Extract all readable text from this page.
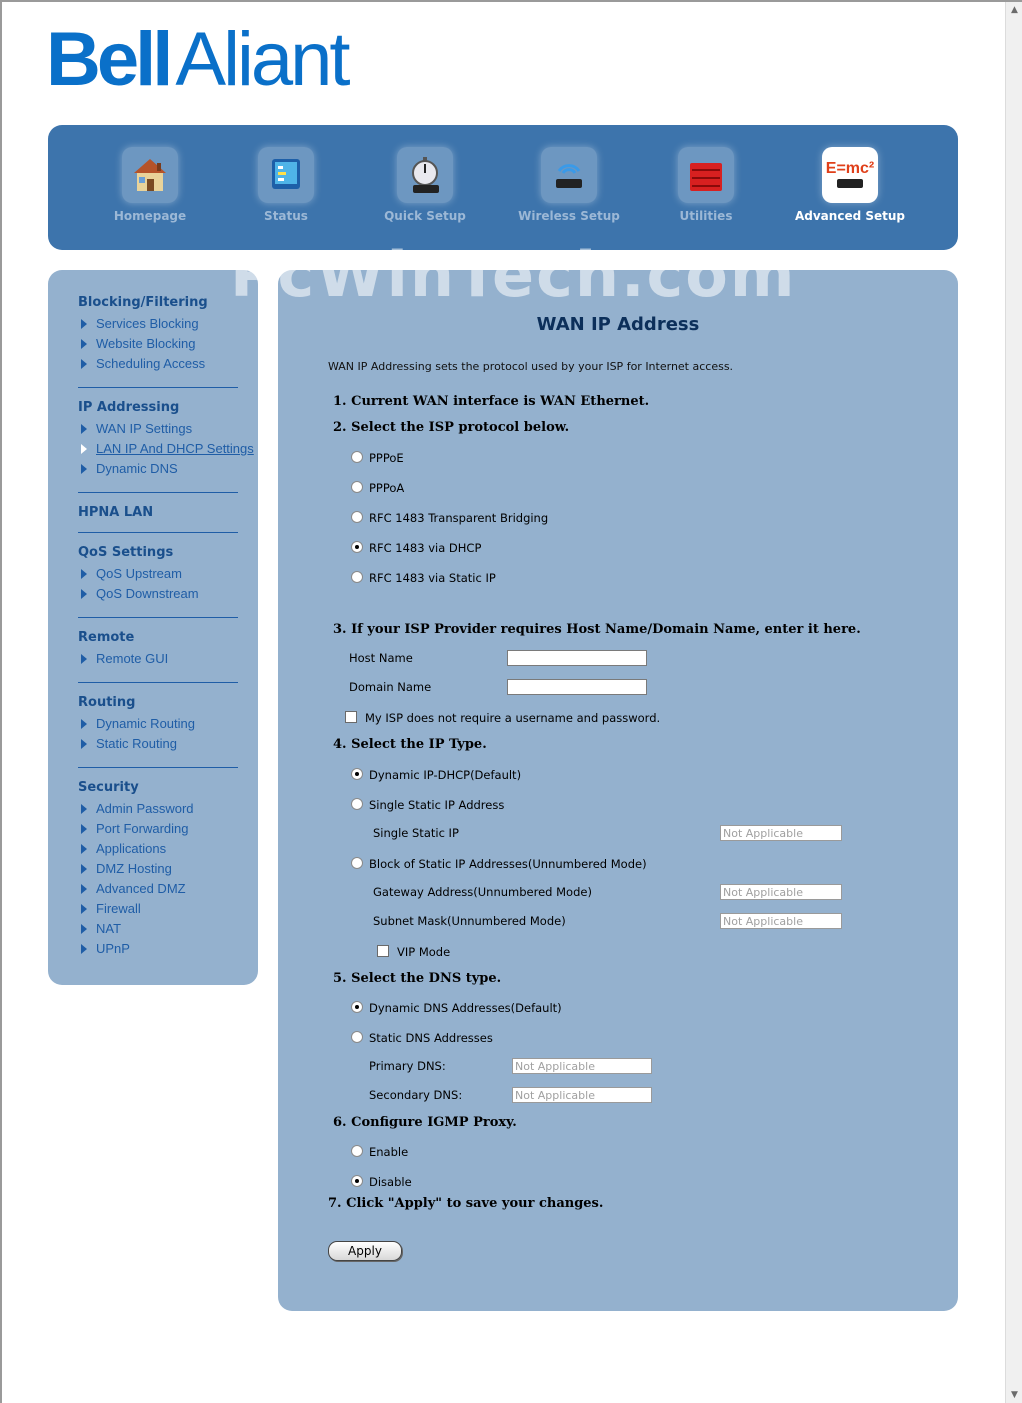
▲
▼
BellAliant
Homepage	Status	Quick Setup	Wireless Setup	Utilities
E=mc²
Advanced Setup
Blocking/Filtering
Services Blocking
Website Blocking
Scheduling Access
IP Addressing
WAN IP Settings
LAN IP And DHCP Settings
Dynamic DNS
HPNA LAN
QoS Settings
QoS Upstream
QoS Downstream
Remote
Remote GUI
Routing
Dynamic Routing
Static Routing
Security
Admin Password
Port Forwarding
Applications
DMZ Hosting
Advanced DMZ
Firewall
NAT
UPnP
WAN IP Address
WAN IP Addressing sets the protocol used by your ISP for Internet access.
1. Current WAN interface is WAN Ethernet.
2. Select the ISP protocol below.
PPPoE
PPPoA
RFC 1483 Transparent Bridging
RFC 1483 via DHCP
RFC 1483 via Static IP
3. If your ISP Provider requires Host Name/Domain Name, enter it here.
Host Name
Domain Name
My ISP does not require a username and password.
4. Select the IP Type.
Dynamic IP-DHCP(Default)
Single Static IP Address
Single Static IP
Not Applicable
Block of Static IP Addresses(Unnumbered Mode)
Gateway Address(Unnumbered Mode)
Not Applicable
Subnet Mask(Unnumbered Mode)
Not Applicable
VIP Mode
5. Select the DNS type.
Dynamic DNS Addresses(Default)
Static DNS Addresses
Primary DNS:
Not Applicable
Secondary DNS:
Not Applicable
6. Configure IGMP Proxy.
Enable
Disable
7. Click "Apply" to save your changes.
Apply
PcWinTech.com
